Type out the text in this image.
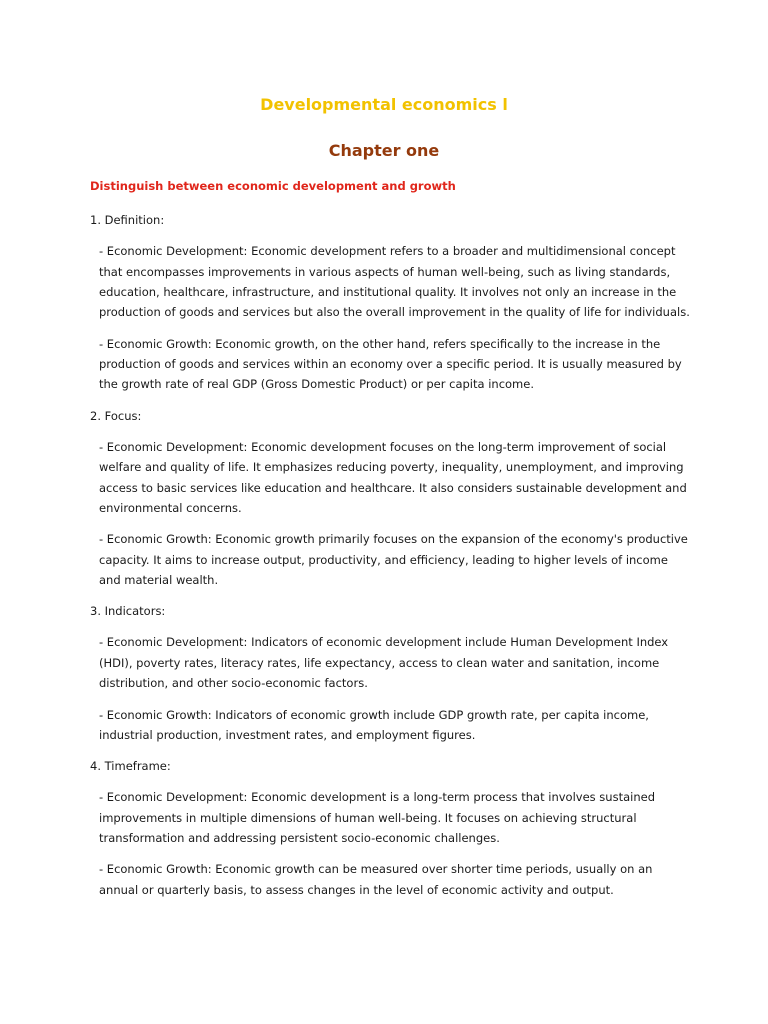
Developmental economics l
Chapter one
Distinguish between economic development and growth

1. Definition:

- Economic Development: Economic development refers to a broader and multidimensional concept that encompasses improvements in various aspects of human well-being, such as living standards, education, healthcare, infrastructure, and institutional quality. It involves not only an increase in the production of goods and services but also the overall improvement in the quality of life for individuals.

- Economic Growth: Economic growth, on the other hand, refers specifically to the increase in the production of goods and services within an economy over a specific period. It is usually measured by the growth rate of real GDP (Gross Domestic Product) or per capita income.

2. Focus:

- Economic Development: Economic development focuses on the long-term improvement of social welfare and quality of life. It emphasizes reducing poverty, inequality, unemployment, and improving access to basic services like education and healthcare. It also considers sustainable development and environmental concerns.

- Economic Growth: Economic growth primarily focuses on the expansion of the economy's productive capacity. It aims to increase output, productivity, and efficiency, leading to higher levels of income and material wealth.

3. Indicators:

- Economic Development: Indicators of economic development include Human Development Index (HDI), poverty rates, literacy rates, life expectancy, access to clean water and sanitation, income distribution, and other socio-economic factors.

- Economic Growth: Indicators of economic growth include GDP growth rate, per capita income, industrial production, investment rates, and employment figures.

4. Timeframe:

- Economic Development: Economic development is a long-term process that involves sustained improvements in multiple dimensions of human well-being. It focuses on achieving structural transformation and addressing persistent socio-economic challenges.

- Economic Growth: Economic growth can be measured over shorter time periods, usually on an annual or quarterly basis, to assess changes in the level of economic activity and output.
